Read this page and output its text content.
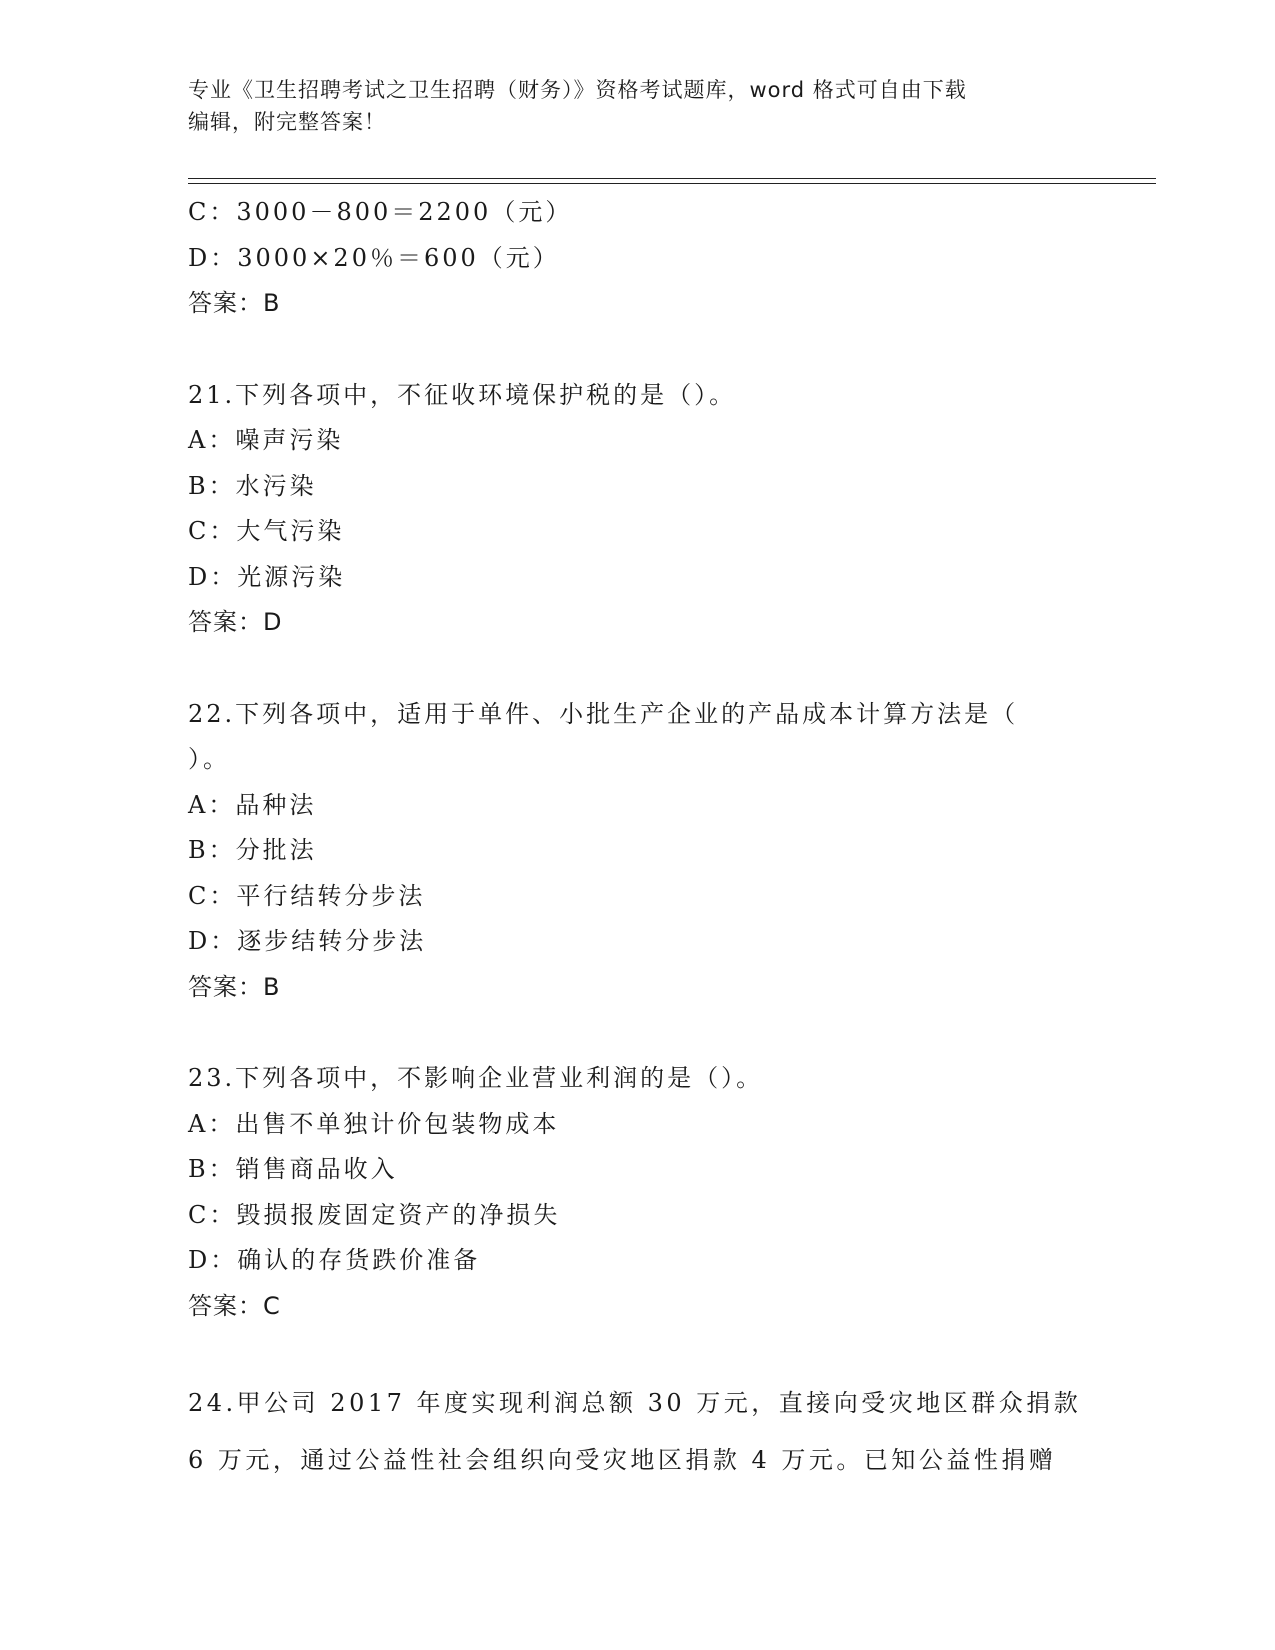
专业《卫生招聘考试之卫生招聘（财务）》资格考试题库，word 格式可自由下载
编辑，附完整答案！
C：3000－800＝2200（元）
D：3000×20％＝600（元）
答案：B
21.下列各项中，不征收环境保护税的是（）。
A：噪声污染
B：水污染
C：大气污染
D：光源污染
答案：D
22.下列各项中，适用于单件、小批生产企业的产品成本计算方法是（
）。
A：品种法
B：分批法
C：平行结转分步法
D：逐步结转分步法
答案：B
23.下列各项中，不影响企业营业利润的是（）。
A：出售不单独计价包装物成本
B：销售商品收入
C：毁损报废固定资产的净损失
D：确认的存货跌价准备
答案：C
24.甲公司 2017 年度实现利润总额 30 万元，直接向受灾地区群众捐款
6 万元，通过公益性社会组织向受灾地区捐款 4 万元。已知公益性捐赠
